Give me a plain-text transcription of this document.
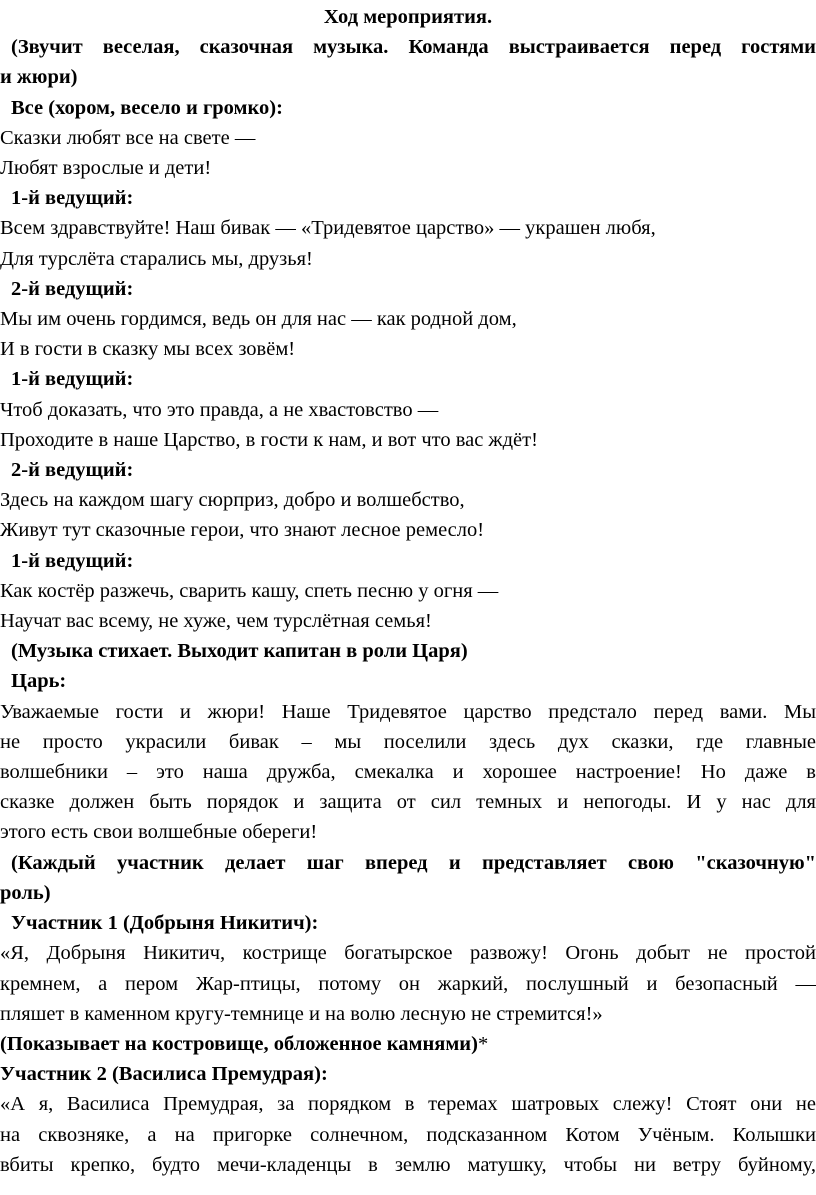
Ход мероприятия.
(Звучит веселая, сказочная музыка. Команда выстраивается перед гостями
и жюри)
Все (хором, весело и громко):
Сказки любят все на свете —
Любят взрослые и дети!
1-й ведущий:
Всем здравствуйте! Наш бивак — «Тридевятое царство» — украшен любя,
Для турслёта старались мы, друзья!
2-й ведущий:
Мы им очень гордимся, ведь он для нас — как родной дом,
И в гости в сказку мы всех зовём!
1-й ведущий:
Чтоб доказать, что это правда, а не хвастовство —
Проходите в наше Царство, в гости к нам, и вот что вас ждёт!
2-й ведущий:
Здесь на каждом шагу сюрприз, добро и волшебство,
Живут тут сказочные герои, что знают лесное ремесло!
1-й ведущий:
Как костёр разжечь, сварить кашу, спеть песню у огня —
Научат вас всему, не хуже, чем турслётная семья!
(Музыка стихает. Выходит капитан в роли Царя)
Царь:
Уважаемые гости и жюри! Наше Тридевятое царство предстало перед вами. Мы
не просто украсили бивак – мы поселили здесь дух сказки, где главные
волшебники – это наша дружба, смекалка и хорошее настроение! Но даже в
сказке должен быть порядок и защита от сил темных и непогоды. И у нас для
этого есть свои волшебные обереги!
(Каждый участник делает шаг вперед и представляет свою "сказочную"
роль)
Участник 1 (Добрыня Никитич):
«Я, Добрыня Никитич, кострище богатырское развожу! Огонь добыт не простой
кремнем, а пером Жар-птицы, потому он жаркий, послушный и безопасный —
пляшет в каменном кругу-темнице и на волю лесную не стремится!»
(Показывает на костровище, обложенное камнями)*
Участник 2 (Василиса Премудрая):
«А я, Василиса Премудрая, за порядком в теремах шатровых слежу! Стоят они не
на сквозняке, а на пригорке солнечном, подсказанном Котом Учёным. Колышки
вбиты крепко, будто мечи-кладенцы в землю матушку, чтобы ни ветру буйному,
